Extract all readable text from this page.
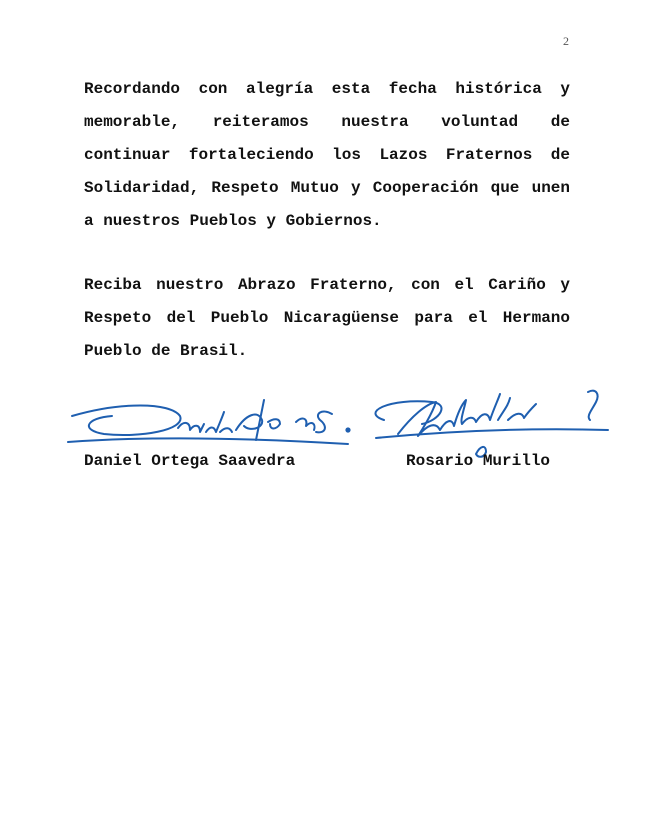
2

Recordando con alegría esta fecha histórica y memorable, reiteramos nuestra voluntad de continuar fortaleciendo los Lazos Fraternos de Solidaridad, Respeto Mutuo y Cooperación que unen a nuestros Pueblos y Gobiernos.

Reciba nuestro Abrazo Fraterno, con el Cariño y Respeto del Pueblo Nicaragüense para el Hermano Pueblo de Brasil.

Daniel Ortega Saavedra	Rosario Murillo
